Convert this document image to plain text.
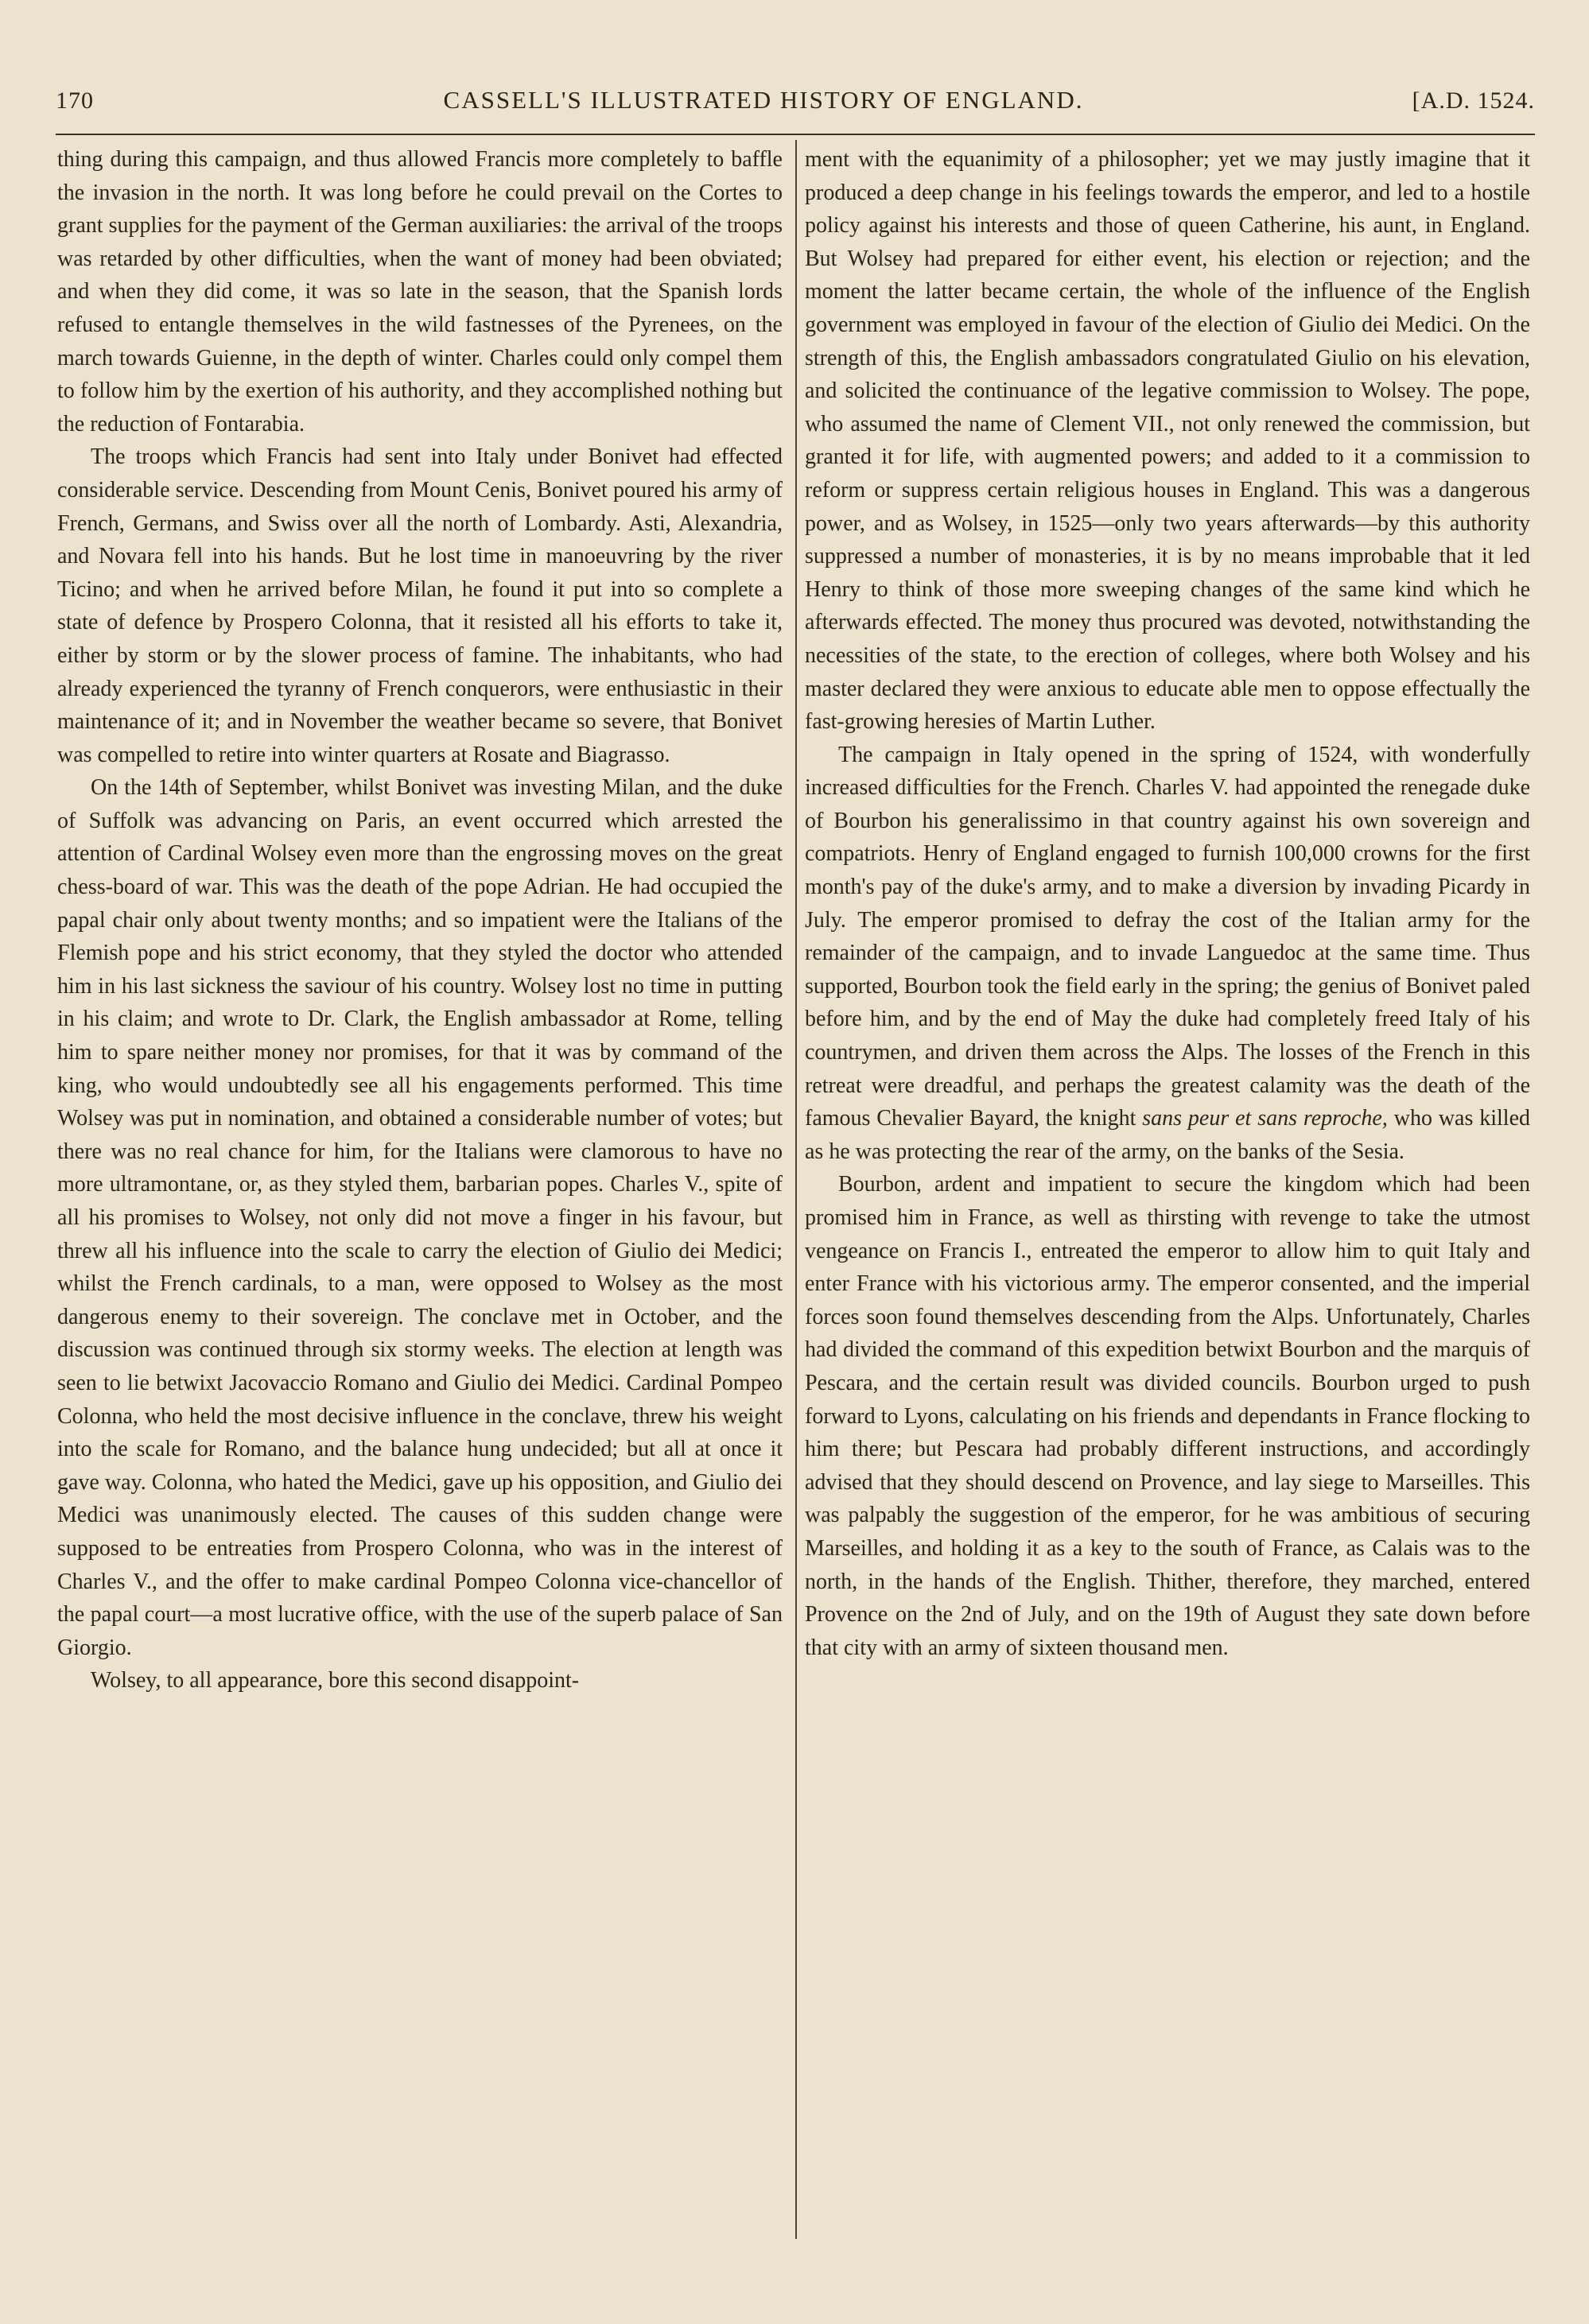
170	CASSELL'S ILLUSTRATED HISTORY OF ENGLAND.	[A.D. 1524.

thing during this campaign, and thus allowed Francis more completely to baffle the invasion in the north. It was long before he could prevail on the Cortes to grant supplies for the payment of the German auxiliaries: the arrival of the troops was retarded by other difficulties, when the want of money had been obviated; and when they did come, it was so late in the season, that the Spanish lords refused to entangle themselves in the wild fastnesses of the Pyrenees, on the march towards Guienne, in the depth of winter. Charles could only compel them to follow him by the exertion of his authority, and they accomplished nothing but the reduction of Fontarabia.

The troops which Francis had sent into Italy under Bonivet had effected considerable service. Descending from Mount Cenis, Bonivet poured his army of French, Germans, and Swiss over all the north of Lombardy. Asti, Alexandria, and Novara fell into his hands. But he lost time in manoeuvring by the river Ticino; and when he arrived before Milan, he found it put into so complete a state of defence by Prospero Colonna, that it resisted all his efforts to take it, either by storm or by the slower process of famine. The inhabitants, who had already experienced the tyranny of French conquerors, were enthusiastic in their maintenance of it; and in November the weather became so severe, that Bonivet was compelled to retire into winter quarters at Rosate and Biagrasso.

On the 14th of September, whilst Bonivet was investing Milan, and the duke of Suffolk was advancing on Paris, an event occurred which arrested the attention of Cardinal Wolsey even more than the engrossing moves on the great chess-board of war. This was the death of the pope Adrian. He had occupied the papal chair only about twenty months; and so impatient were the Italians of the Flemish pope and his strict economy, that they styled the doctor who attended him in his last sickness the saviour of his country. Wolsey lost no time in putting in his claim; and wrote to Dr. Clark, the English ambassador at Rome, telling him to spare neither money nor promises, for that it was by command of the king, who would undoubtedly see all his engagements performed. This time Wolsey was put in nomination, and obtained a considerable number of votes; but there was no real chance for him, for the Italians were clamorous to have no more ultramontane, or, as they styled them, barbarian popes. Charles V., spite of all his promises to Wolsey, not only did not move a finger in his favour, but threw all his influence into the scale to carry the election of Giulio dei Medici; whilst the French cardinals, to a man, were opposed to Wolsey as the most dangerous enemy to their sovereign. The conclave met in October, and the discussion was continued through six stormy weeks. The election at length was seen to lie betwixt Jacovaccio Romano and Giulio dei Medici. Cardinal Pompeo Colonna, who held the most decisive influence in the conclave, threw his weight into the scale for Romano, and the balance hung undecided; but all at once it gave way. Colonna, who hated the Medici, gave up his opposition, and Giulio dei Medici was unanimously elected. The causes of this sudden change were supposed to be entreaties from Prospero Colonna, who was in the interest of Charles V., and the offer to make cardinal Pompeo Colonna vice-chancellor of the papal court—a most lucrative office, with the use of the superb palace of San Giorgio.

Wolsey, to all appearance, bore this second disappoint-

ment with the equanimity of a philosopher; yet we may justly imagine that it produced a deep change in his feelings towards the emperor, and led to a hostile policy against his interests and those of queen Catherine, his aunt, in England. But Wolsey had prepared for either event, his election or rejection; and the moment the latter became certain, the whole of the influence of the English government was employed in favour of the election of Giulio dei Medici. On the strength of this, the English ambassadors congratulated Giulio on his elevation, and solicited the continuance of the legative commission to Wolsey. The pope, who assumed the name of Clement VII., not only renewed the commission, but granted it for life, with augmented powers; and added to it a commission to reform or suppress certain religious houses in England. This was a dangerous power, and as Wolsey, in 1525—only two years afterwards—by this authority suppressed a number of monasteries, it is by no means improbable that it led Henry to think of those more sweeping changes of the same kind which he afterwards effected. The money thus procured was devoted, notwithstanding the necessities of the state, to the erection of colleges, where both Wolsey and his master declared they were anxious to educate able men to oppose effectually the fast-growing heresies of Martin Luther.

The campaign in Italy opened in the spring of 1524, with wonderfully increased difficulties for the French. Charles V. had appointed the renegade duke of Bourbon his generalissimo in that country against his own sovereign and compatriots. Henry of England engaged to furnish 100,000 crowns for the first month's pay of the duke's army, and to make a diversion by invading Picardy in July. The emperor promised to defray the cost of the Italian army for the remainder of the campaign, and to invade Languedoc at the same time. Thus supported, Bourbon took the field early in the spring; the genius of Bonivet paled before him, and by the end of May the duke had completely freed Italy of his countrymen, and driven them across the Alps. The losses of the French in this retreat were dreadful, and perhaps the greatest calamity was the death of the famous Chevalier Bayard, the knight sans peur et sans reproche, who was killed as he was protecting the rear of the army, on the banks of the Sesia.

Bourbon, ardent and impatient to secure the kingdom which had been promised him in France, as well as thirsting with revenge to take the utmost vengeance on Francis I., entreated the emperor to allow him to quit Italy and enter France with his victorious army. The emperor consented, and the imperial forces soon found themselves descending from the Alps. Unfortunately, Charles had divided the command of this expedition betwixt Bourbon and the marquis of Pescara, and the certain result was divided councils. Bourbon urged to push forward to Lyons, calculating on his friends and dependants in France flocking to him there; but Pescara had probably different instructions, and accordingly advised that they should descend on Provence, and lay siege to Marseilles. This was palpably the suggestion of the emperor, for he was ambitious of securing Marseilles, and holding it as a key to the south of France, as Calais was to the north, in the hands of the English. Thither, therefore, they marched, entered Provence on the 2nd of July, and on the 19th of August they sate down before that city with an army of sixteen thousand men.
